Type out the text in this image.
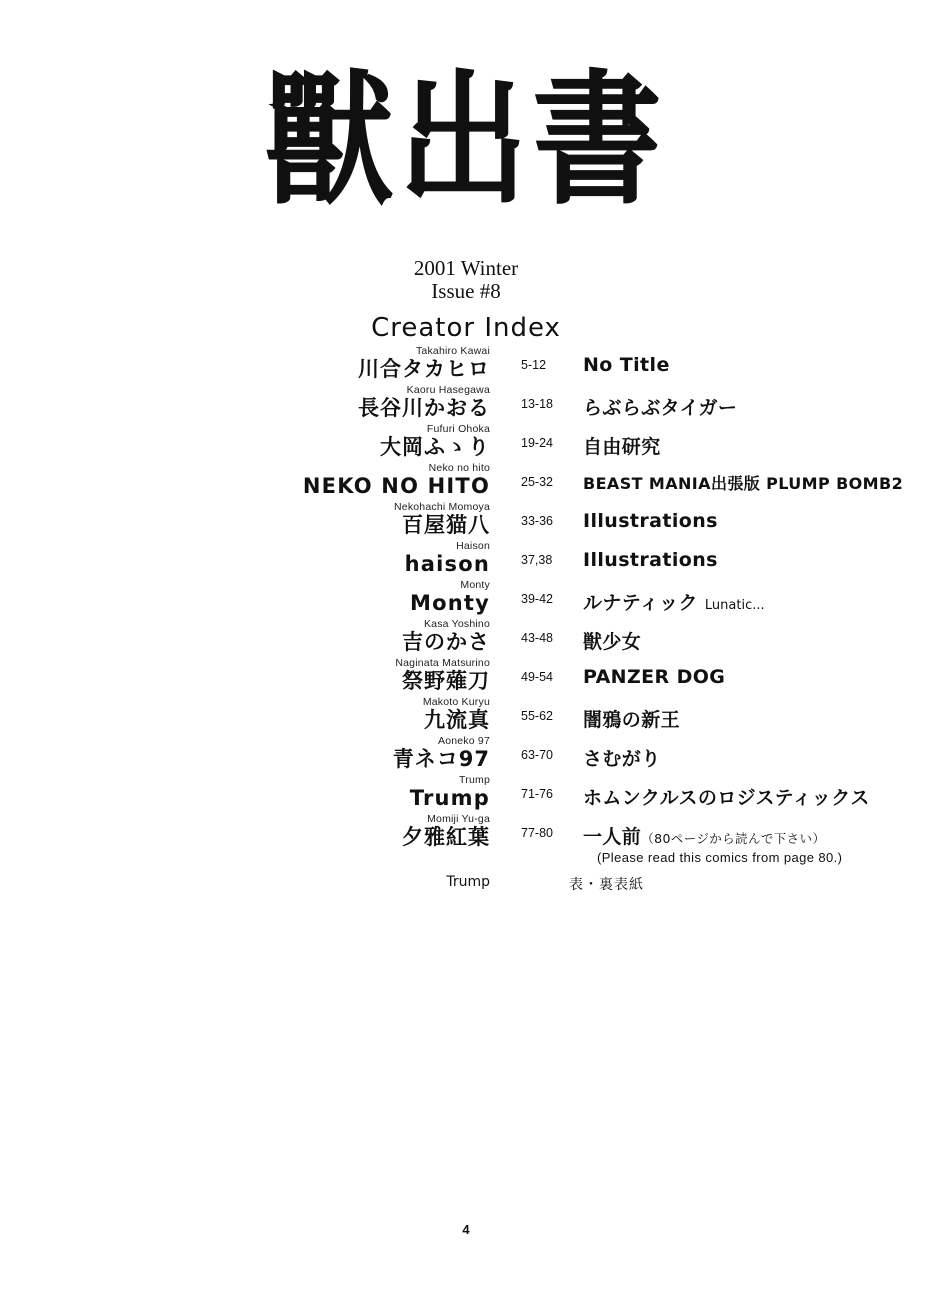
獸出書
2001 Winter
Issue #8
Creator Index
Takahiro Kawai
川合タカヒロ	5-12	No Title
Kaoru Hasegawa
長谷川かおる	13-18	らぶらぶタイガー
Fufuri Ohoka
大岡ふゝり	19-24	自由研究
Neko no hito
NEKO NO HITO	25-32	BEAST MANIA出張版 PLUMP BOMB2
Nekohachi Momoya
百屋猫八	33-36	Illustrations
Haison
haison	37,38	Illustrations
Monty
Monty	39-42	ルナティック Lunatic...
Kasa Yoshino
吉のかさ	43-48	獣少女
Naginata Matsurino
祭野薙刀	49-54	PANZER DOG
Makoto Kuryu
九流真	55-62	闇鴉の新王
Aoneko 97
青ネコ97	63-70	さむがり
Trump
Trump	71-76	ホムンクルスのロジスティックス
Momiji Yu-ga
夕雅紅葉	77-80	一人前（80ページから読んで下さい）
(Please read this comics from page 80.)
Trump	表・裏表紙
4
